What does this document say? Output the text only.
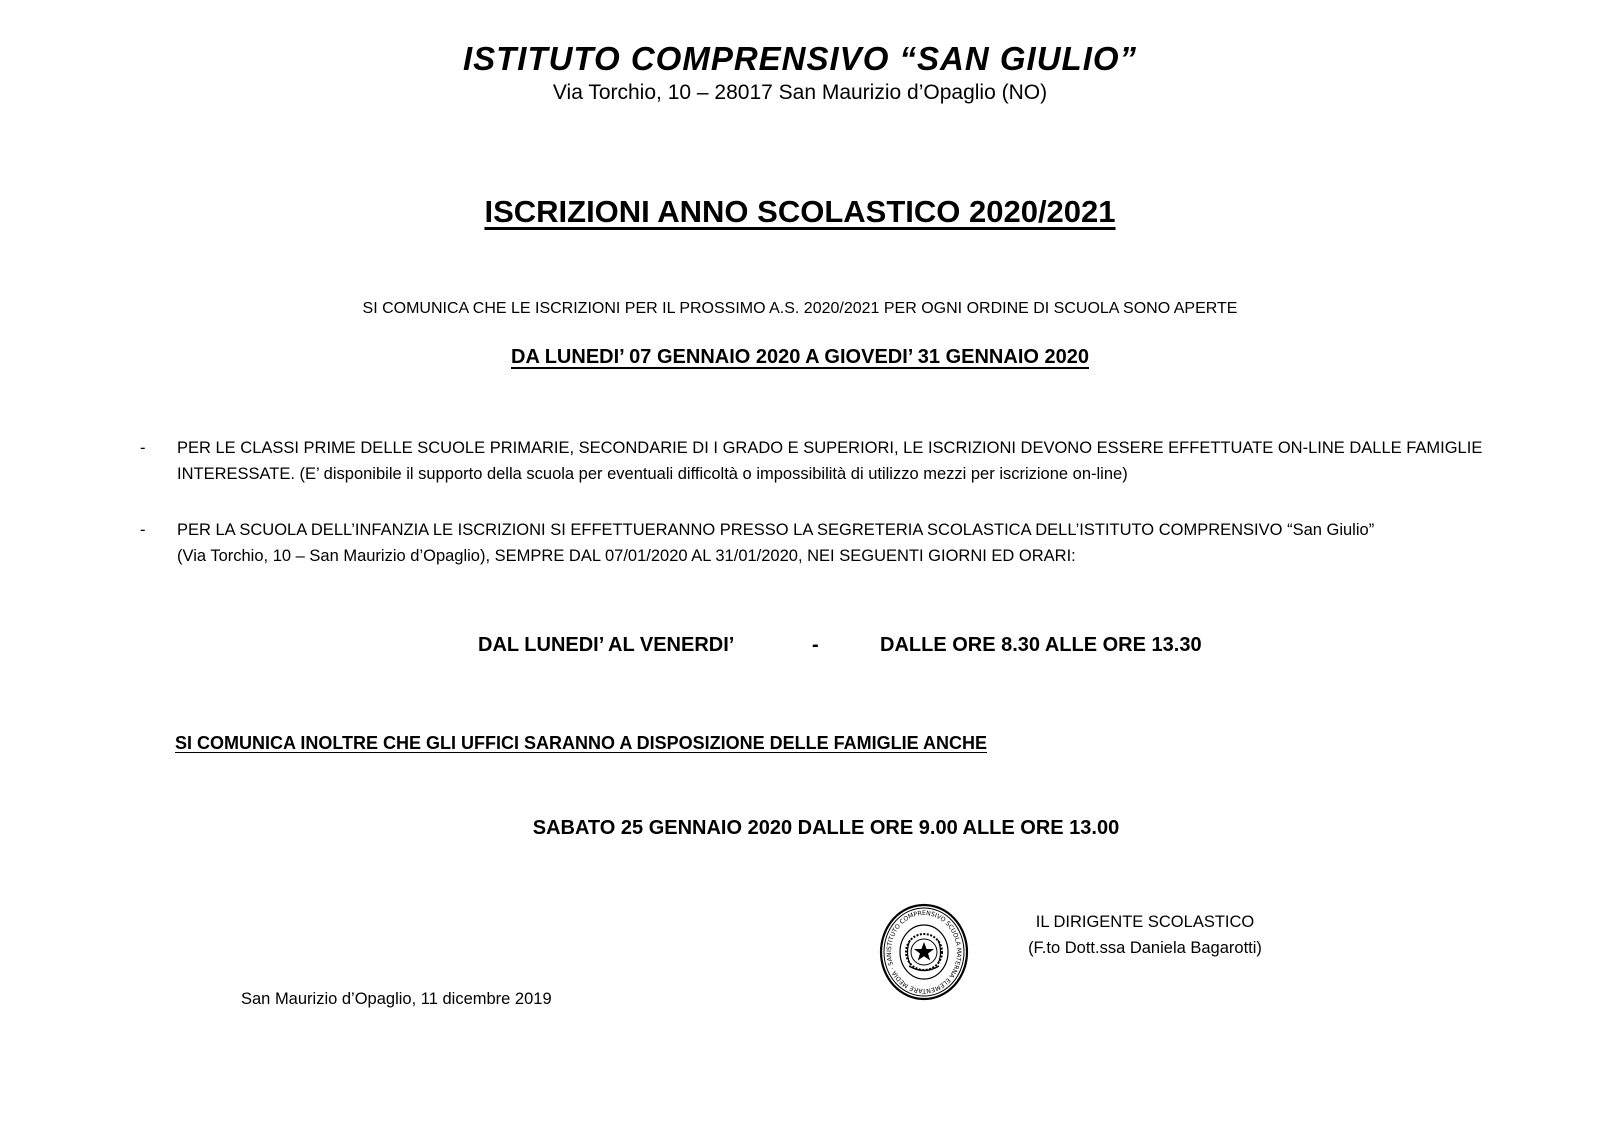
ISTITUTO COMPRENSIVO “SAN GIULIO”
Via Torchio, 10 – 28017 San Maurizio d’Opaglio (NO)
ISCRIZIONI ANNO SCOLASTICO 2020/2021
SI COMUNICA CHE LE ISCRIZIONI PER IL PROSSIMO A.S. 2020/2021 PER OGNI ORDINE DI SCUOLA SONO APERTE
DA LUNEDI’ 07 GENNAIO 2020 A GIOVEDI’ 31 GENNAIO 2020
- PER LE CLASSI PRIME DELLE SCUOLE PRIMARIE, SECONDARIE DI I GRADO E SUPERIORI, LE ISCRIZIONI DEVONO ESSERE EFFETTUATE ON-LINE DALLE FAMIGLIE
INTERESSATE. (E’ disponibile il supporto della scuola per eventuali difficoltà o impossibilità di utilizzo mezzi per iscrizione on-line)
- PER LA SCUOLA DELL’INFANZIA LE ISCRIZIONI SI EFFETTUERANNO PRESSO LA SEGRETERIA SCOLASTICA DELL’ISTITUTO COMPRENSIVO “San Giulio”
(Via Torchio, 10 – San Maurizio d’Opaglio), SEMPRE DAL 07/01/2020 AL 31/01/2020, NEI SEGUENTI GIORNI ED ORARI:
DAL LUNEDI’ AL VENERDI’	-	DALLE ORE 8.30 ALLE ORE 13.30
SI COMUNICA INOLTRE CHE GLI UFFICI SARANNO A DISPOSIZIONE DELLE FAMIGLIE ANCHE
SABATO 25 GENNAIO 2020 DALLE ORE 9.00 ALLE ORE 13.00
ISTITUTO COMPRENSIVO SCUOLA MATERNA ELEMENTARE MEDIA · SAN
IL DIRIGENTE SCOLASTICO
(F.to Dott.ssa Daniela Bagarotti)
San Maurizio d’Opaglio, 11 dicembre 2019
